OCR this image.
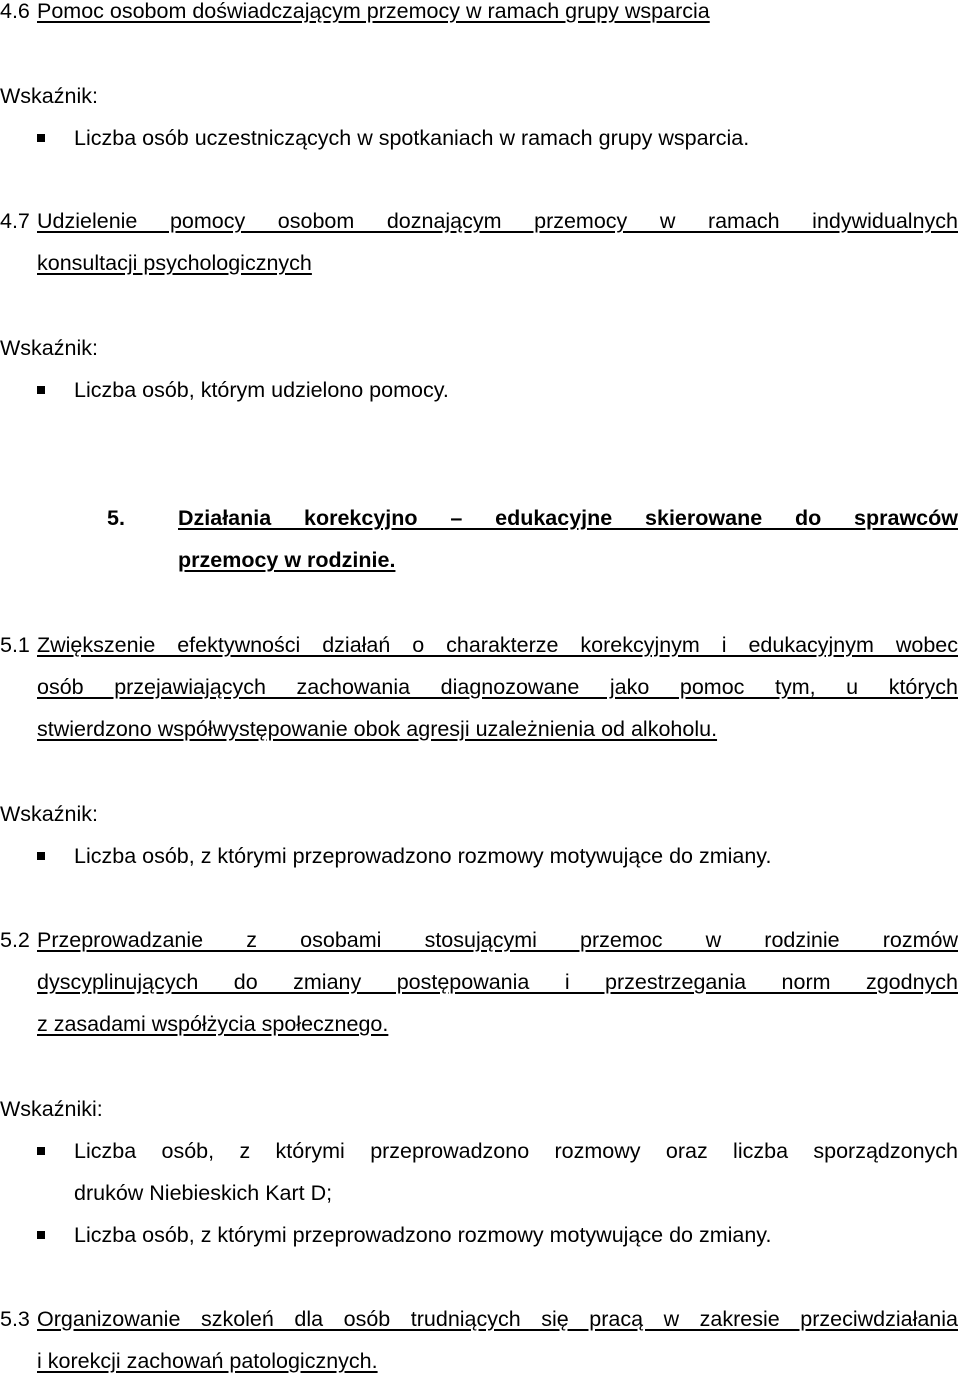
4.6 Pomoc osobom doświadczającym przemocy w ramach grupy wsparcia
Wskaźnik:
Liczba osób uczestniczących w spotkaniach w ramach grupy wsparcia.
4.7 Udzielenie pomocy osobom doznającym przemocy w ramach indywidualnych
konsultacji psychologicznych
Wskaźnik:
Liczba osób, którym udzielono pomocy.
5. Działania korekcyjno – edukacyjne skierowane do sprawców
przemocy w rodzinie.
5.1 Zwiększenie efektywności działań o charakterze korekcyjnym i edukacyjnym wobec
osób przejawiających zachowania diagnozowane jako pomoc tym, u których
stwierdzono współwystępowanie obok agresji uzależnienia od alkoholu.
Wskaźnik:
Liczba osób, z którymi przeprowadzono rozmowy motywujące do zmiany.
5.2 Przeprowadzanie z osobami stosującymi przemoc w rodzinie rozmów
dyscyplinujących do zmiany postępowania i przestrzegania norm zgodnych
z zasadami współżycia społecznego.
Wskaźniki:
Liczba osób, z którymi przeprowadzono rozmowy oraz liczba sporządzonych
druków Niebieskich Kart D;
Liczba osób, z którymi przeprowadzono rozmowy motywujące do zmiany.
5.3 Organizowanie szkoleń dla osób trudniących się pracą w zakresie przeciwdziałania
i korekcji zachowań patologicznych.
